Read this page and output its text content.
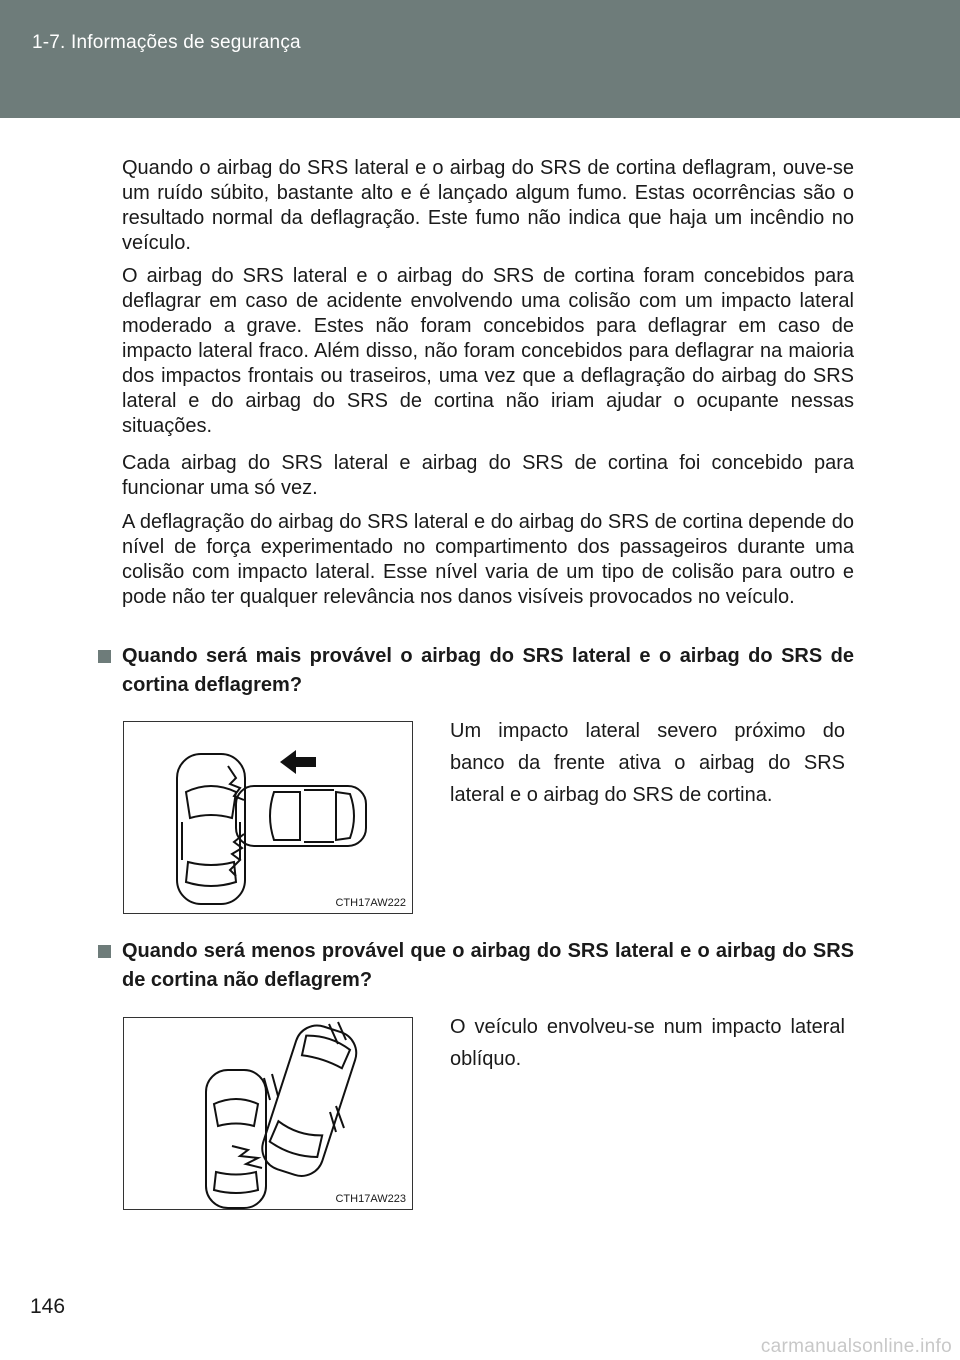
1-7. Informações de segurança

Quando o airbag do SRS lateral e o airbag do SRS de cortina deflagram, ouve-se um ruído súbito, bastante alto e é lançado algum fumo. Estas ocorrências são o resultado normal da deflagração. Este fumo não indica que haja um incêndio no veículo.

O airbag do SRS lateral e o airbag do SRS de cortina foram concebidos para deflagrar em caso de acidente envolvendo uma colisão com um impacto lateral moderado a grave. Estes não foram concebidos para deflagrar em caso de impacto lateral fraco. Além disso, não foram concebidos para deflagrar na maioria dos impactos frontais ou traseiros, uma vez que a deflagração do airbag do SRS lateral e do airbag do SRS de cortina não iriam ajudar o ocupante nessas situações.

Cada airbag do SRS lateral e airbag do SRS de cortina foi concebido para funcionar uma só vez.

A deflagração do airbag do SRS lateral e do airbag do SRS de cortina depende do nível de força experimentado no compartimento dos passageiros durante uma colisão com impacto lateral. Esse nível varia de um tipo de colisão para outro e pode não ter qualquer relevância nos danos visíveis provocados no veículo.

Quando será mais provável o airbag do SRS lateral e o airbag do SRS de cortina deflagrem?
CTH17AW222

Um impacto lateral severo próximo do banco da frente ativa o airbag do SRS lateral e o airbag do SRS de cortina.

Quando será menos provável que o airbag do SRS lateral e o airbag do SRS de cortina não deflagrem?
CTH17AW223

O veículo envolveu-se num impacto lateral oblíquo.

146
carmanualsonline.info
